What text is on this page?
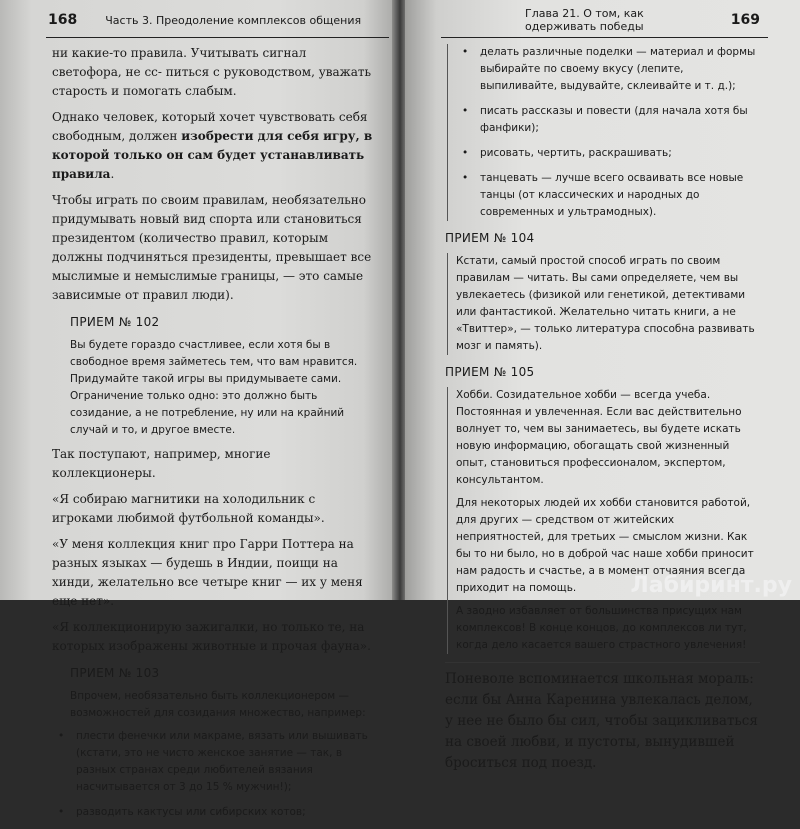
168	Часть 3. Преодоление комплексов общения

ни какие-то правила. Учитывать сигнал светофора, не сс- питься с руководством, уважать старость и помогать слабым.

Однако человек, который хочет чувствовать себя свободным, должен изобрести для себя игру, в которой только он сам будет устанавливать правила.

Чтобы играть по своим правилам, необязательно придумывать новый вид спорта или становиться президентом (количество правил, которым должны подчиняться президенты, превышает все мыслимые и немыслимые границы, — это самые зависимые от правил люди).

ПРИЕМ № 102

Вы будете гораздо счастливее, если хотя бы в свободное время займетесь тем, что вам нравится. Придумайте такой игры вы придумываете сами. Ограничение только одно: это должно быть созидание, а не потребление, ну или на крайний случай и то, и другое вместе.

Так поступают, например, многие коллекционеры.

«Я собираю магнитики на холодильник с игроками любимой футбольной команды».

«У меня коллекция книг про Гарри Поттера на разных языках — будешь в Индии, поищи на хинди, желательно все четыре книг — их у меня еще нет».

«Я коллекционирую зажигалки, но только те, на которых изображены животные и прочая фауна».

ПРИЕМ № 103

Впрочем, необязательно быть коллекционером — возможностей для созидания множество, например:

• плести фенечки или макраме, вязать или вышивать (кстати, это не чисто женское занятие — так, в разных странах среди любителей вязания насчитывается от 3 до 15 % мужчин!);
• разводить кактусы или сибирских котов;
Глава 21. О том, как одерживать победы	169
• делать различные поделки — материал и формы выбирайте по своему вкусу (лепите, выпиливайте, выдувайте, склеивайте и т. д.);
• писать рассказы и повести (для начала хотя бы фанфики);
• рисовать, чертить, раскрашивать;
• танцевать — лучше всего осваивать все новые танцы (от классических и народных до современных и ультрамодных).
ПРИЕМ № 104

Кстати, самый простой способ играть по своим правилам — читать. Вы сами определяете, чем вы увлекаетесь (физикой или генетикой, детективами или фантастикой. Желательно читать книги, а не «Твиттер», — только литература способна развивать мозг и память).

ПРИЕМ № 105

Хобби. Созидательное хобби — всегда учеба. Постоянная и увлеченная. Если вас действительно волнует то, чем вы занимаетесь, вы будете искать новую информацию, обогащать свой жизненный опыт, становиться профессионалом, экспертом, консультантом.

Для некоторых людей их хобби становится работой, для других — средством от житейских неприятностей, для третьих — смыслом жизни. Как бы то ни было, но в доброй час наше хобби приносит нам радость и счастье, а в момент отчаяния всегда приходит на помощь.

А заодно избавляет от большинства присущих нам комплексов! В конце концов, до комплексов ли тут, когда дело касается вашего страстного увлечения!

Поневоле вспоминается школьная мораль: если бы Анна Каренина увлекалась делом, у нее не было бы сил, чтобы зацикливаться на своей любви, и пустоты, вынудившей броситься под поезд.

Лабиринт.ру
